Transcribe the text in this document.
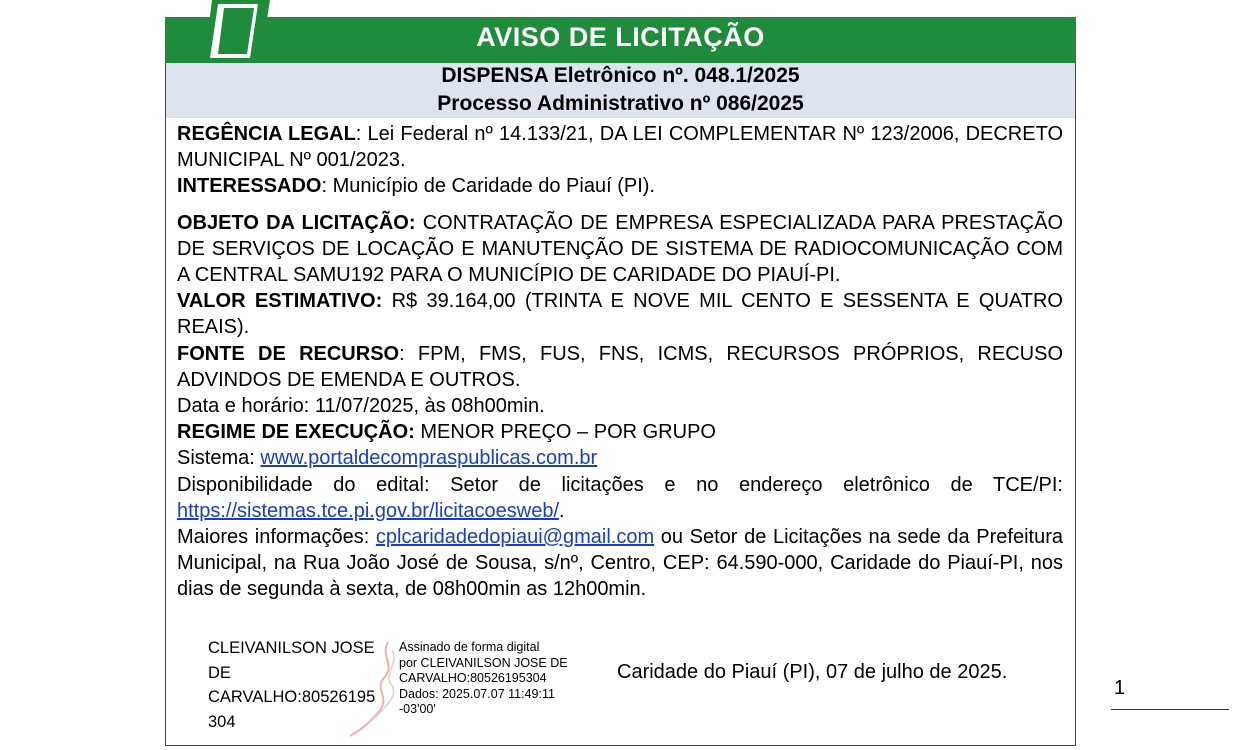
AVISO DE LICITAÇÃO
DISPENSA Eletrônico nº. 048.1/2025
Processo Administrativo nº 086/2025

REGÊNCIA LEGAL: Lei Federal nº 14.133/21, DA LEI COMPLEMENTAR Nº 123/2006, DECRETO MUNICIPAL Nº 001/2023.

INTERESSADO: Município de Caridade do Piauí (PI).

OBJETO DA LICITAÇÃO: CONTRATAÇÃO DE EMPRESA ESPECIALIZADA PARA PRESTAÇÃO DE SERVIÇOS DE LOCAÇÃO E MANUTENÇÃO DE SISTEMA DE RADIOCOMUNICAÇÃO COM A CENTRAL SAMU192 PARA O MUNICÍPIO DE CARIDADE DO PIAUÍ-PI.

VALOR ESTIMATIVO: R$ 39.164,00 (TRINTA E NOVE MIL CENTO E SESSENTA E QUATRO REAIS).

FONTE DE RECURSO: FPM, FMS, FUS, FNS, ICMS, RECURSOS PRÓPRIOS, RECUSO ADVINDOS DE EMENDA E OUTROS.

Data e horário: 11/07/2025, às 08h00min.

REGIME DE EXECUÇÃO: MENOR PREÇO – POR GRUPO

Sistema: www.portaldecompraspublicas.com.br

Disponibilidade do edital: Setor de licitações e no endereço eletrônico de TCE/PI: https://sistemas.tce.pi.gov.br/licitacoesweb/.

Maiores informações: cplcaridadedopiaui@gmail.com ou Setor de Licitações na sede da Prefeitura Municipal, na Rua João José de Sousa, s/nº, Centro, CEP: 64.590-000, Caridade do Piauí-PI, nos dias de segunda à sexta, de 08h00min as 12h00min.

CLEIVANILSON JOSE
DE
CARVALHO:80526195
304
Assinado de forma digital
por CLEIVANILSON JOSE DE
CARVALHO:80526195304
Dados: 2025.07.07 11:49:11
-03'00'
Caridade do Piauí (PI), 07 de julho de 2025.
1
